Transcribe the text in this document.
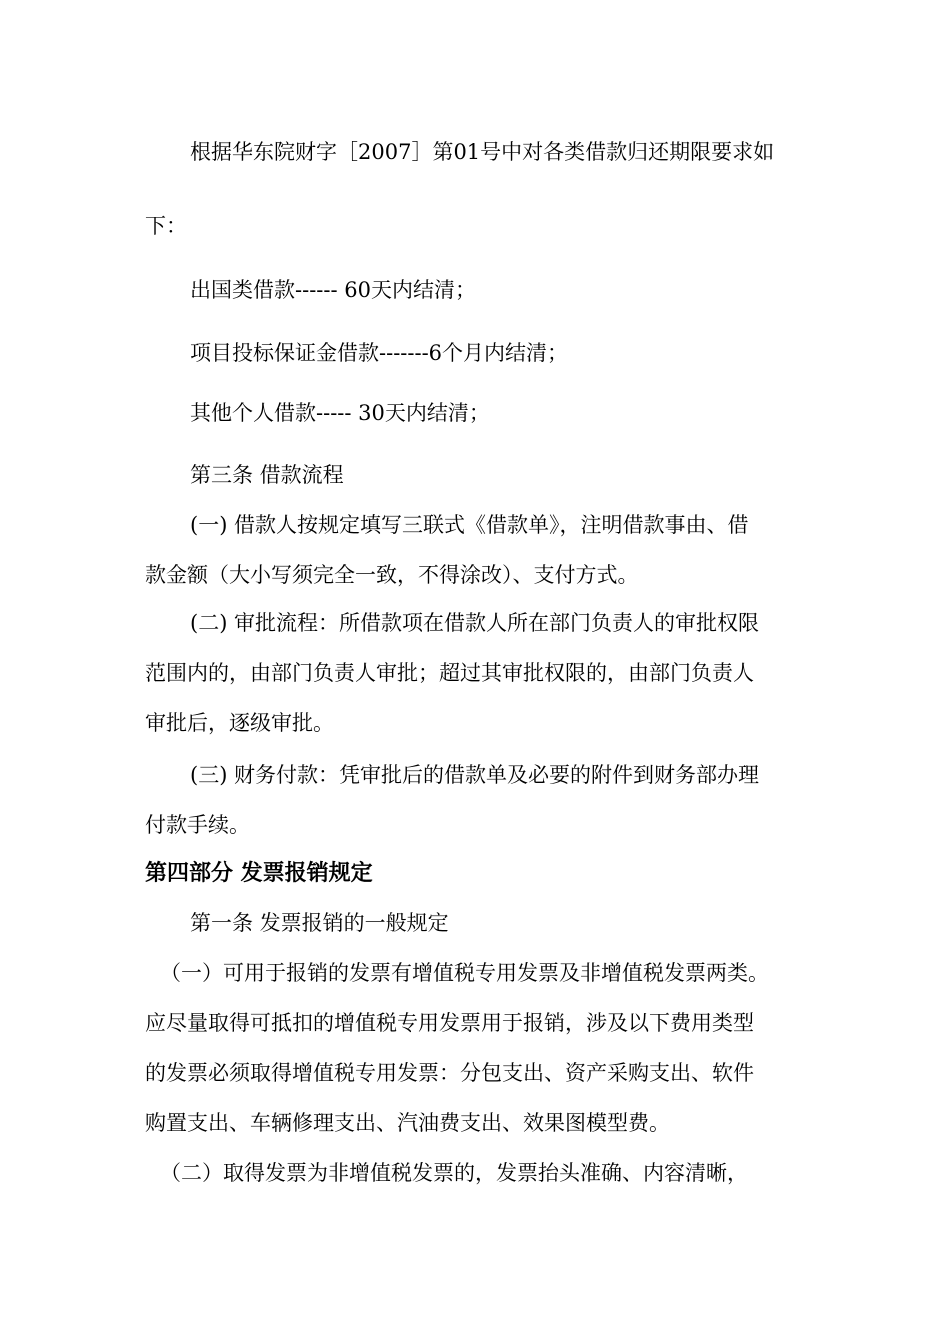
根据华东院财字［2007］第01号中对各类借款归还期限要求如
下：
出国类借款------ 60天内结清；
项目投标保证金借款-------6个月内结清；
其他个人借款----- 30天内结清；
第三条 借款流程
(一) 借款人按规定填写三联式《借款单》，注明借款事由、借
款金额（大小写须完全一致，不得涂改）、支付方式。
(二) 审批流程：所借款项在借款人所在部门负责人的审批权限
范围内的，由部门负责人审批；超过其审批权限的，由部门负责人
审批后，逐级审批。
(三) 财务付款：凭审批后的借款单及必要的附件到财务部办理
付款手续。
第四部分 发票报销规定
第一条 发票报销的一般规定
（一）可用于报销的发票有增值税专用发票及非增值税发票两类。
应尽量取得可抵扣的增值税专用发票用于报销，涉及以下费用类型
的发票必须取得增值税专用发票：分包支出、资产采购支出、软件
购置支出、车辆修理支出、汽油费支出、效果图模型费。
（二）取得发票为非增值税发票的，发票抬头准确、内容清晰，
